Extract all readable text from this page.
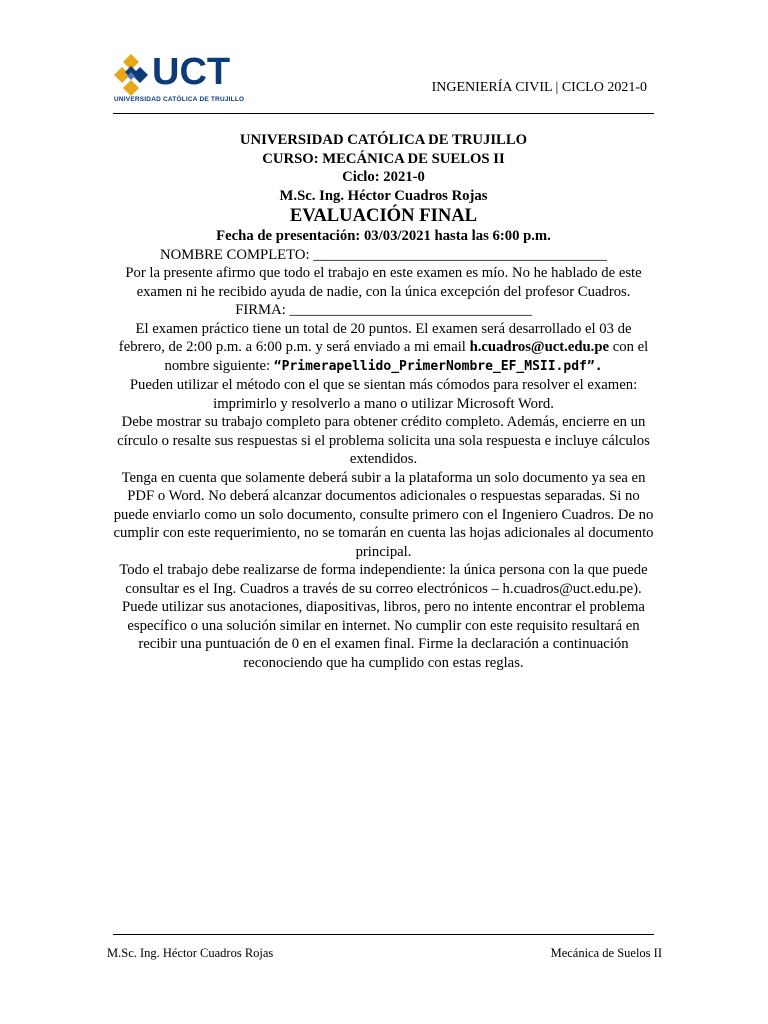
UCT
UNIVERSIDAD CATÓLICA DE TRUJILLO
INGENIERÍA CIVIL | CICLO 2021-0

UNIVERSIDAD CATÓLICA DE TRUJILLO

CURSO: MECÁNICA DE SUELOS II

Ciclo: 2021-0

M.Sc. Ing. Héctor Cuadros Rojas

EVALUACIÓN FINAL

Fecha de presentación: 03/03/2021 hasta las 6:00 p.m.

NOMBRE COMPLETO: ________________________________________

Por la presente afirmo que todo el trabajo en este examen es mío. No he hablado de este examen ni he recibido ayuda de nadie, con la única excepción del profesor Cuadros.

FIRMA: _________________________________

El examen práctico tiene un total de 20 puntos. El examen será desarrollado el 03 de febrero, de 2:00 p.m. a 6:00 p.m. y será enviado a mi email h.cuadros@uct.edu.pe con el nombre siguiente: “Primerapellido_PrimerNombre_EF_MSII.pdf”.

Pueden utilizar el método con el que se sientan más cómodos para resolver el examen: imprimirlo y resolverlo a mano o utilizar Microsoft Word.

Debe mostrar su trabajo completo para obtener crédito completo. Además, encierre en un círculo o resalte sus respuestas si el problema solicita una sola respuesta e incluye cálculos extendidos.

Tenga en cuenta que solamente deberá subir a la plataforma un solo documento ya sea en PDF o Word. No deberá alcanzar documentos adicionales o respuestas separadas. Si no puede enviarlo como un solo documento, consulte primero con el Ingeniero Cuadros. De no cumplir con este requerimiento, no se tomarán en cuenta las hojas adicionales al documento principal.

Todo el trabajo debe realizarse de forma independiente: la única persona con la que puede consultar es el Ing. Cuadros a través de su correo electrónicos – h.cuadros@uct.edu.pe). Puede utilizar sus anotaciones, diapositivas, libros, pero no intente encontrar el problema específico o una solución similar en internet. No cumplir con este requisito resultará en recibir una puntuación de 0 en el examen final. Firme la declaración a continuación reconociendo que ha cumplido con estas reglas.

M.Sc. Ing. Héctor Cuadros Rojas	Mecánica de Suelos II
